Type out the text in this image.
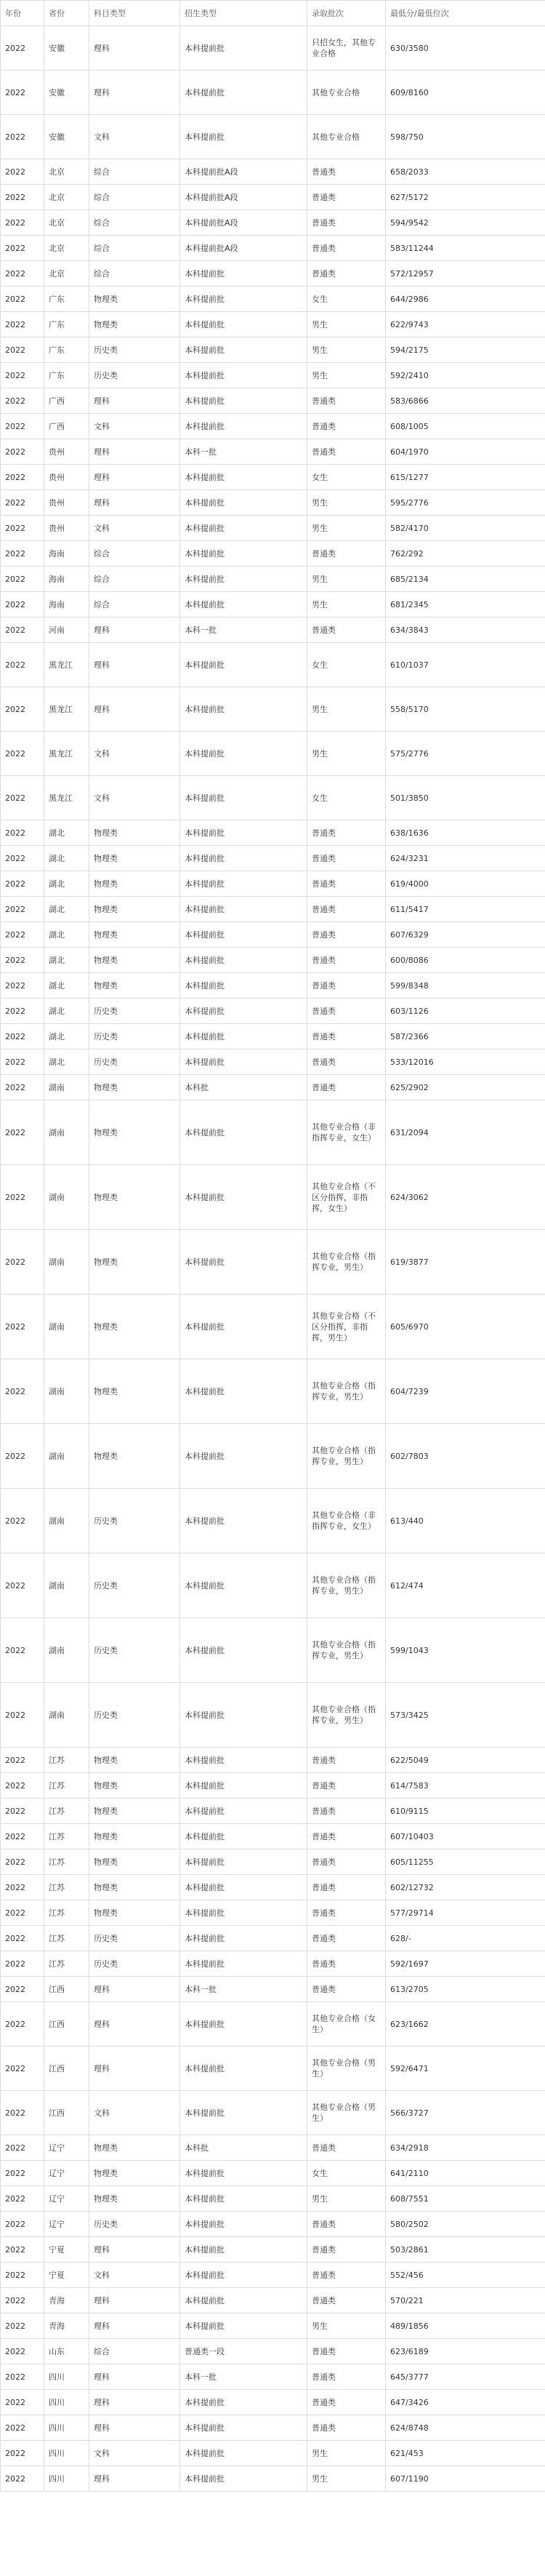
年份	省份	科目类型	招生类型	录取批次	最低分/最低位次
2022	安徽	理科	本科提前批	只招女生，其他专业合格	630/3580
2022	安徽	理科	本科提前批	其他专业合格	609/8160
2022	安徽	文科	本科提前批	其他专业合格	598/750
2022	北京	综合	本科提前批A段	普通类	658/2033
2022	北京	综合	本科提前批A段	普通类	627/5172
2022	北京	综合	本科提前批A段	普通类	594/9542
2022	北京	综合	本科提前批A段	普通类	583/11244
2022	北京	综合	本科提前批	普通类	572/12957
2022	广东	物理类	本科提前批	女生	644/2986
2022	广东	物理类	本科提前批	男生	622/9743
2022	广东	历史类	本科提前批	男生	594/2175
2022	广东	历史类	本科提前批	男生	592/2410
2022	广西	理科	本科提前批	普通类	583/6866
2022	广西	文科	本科提前批	普通类	608/1005
2022	贵州	理科	本科一批	普通类	604/1970
2022	贵州	理科	本科提前批	女生	615/1277
2022	贵州	理科	本科提前批	男生	595/2776
2022	贵州	文科	本科提前批	男生	582/4170
2022	海南	综合	本科提前批	普通类	762/292
2022	海南	综合	本科提前批	男生	685/2134
2022	海南	综合	本科提前批	男生	681/2345
2022	河南	理科	本科一批	普通类	634/3843
2022	黑龙江	理科	本科提前批	女生	610/1037
2022	黑龙江	理科	本科提前批	男生	558/5170
2022	黑龙江	文科	本科提前批	男生	575/2776
2022	黑龙江	文科	本科提前批	女生	501/3850
2022	湖北	物理类	本科提前批	普通类	638/1636
2022	湖北	物理类	本科提前批	普通类	624/3231
2022	湖北	物理类	本科提前批	普通类	619/4000
2022	湖北	物理类	本科提前批	普通类	611/5417
2022	湖北	物理类	本科提前批	普通类	607/6329
2022	湖北	物理类	本科提前批	普通类	600/8086
2022	湖北	物理类	本科提前批	普通类	599/8348
2022	湖北	历史类	本科提前批	普通类	603/1126
2022	湖北	历史类	本科提前批	普通类	587/2366
2022	湖北	历史类	本科提前批	普通类	533/12016
2022	湖南	物理类	本科批	普通类	625/2902
2022	湖南	物理类	本科提前批	其他专业合格（非指挥专业，女生）	631/2094
2022	湖南	物理类	本科提前批	其他专业合格（不区分指挥，非指挥，女生）	624/3062
2022	湖南	物理类	本科提前批	其他专业合格（指挥专业，男生）	619/3877
2022	湖南	物理类	本科提前批	其他专业合格（不区分指挥，非指挥，男生）	605/6970
2022	湖南	物理类	本科提前批	其他专业合格（指挥专业，男生）	604/7239
2022	湖南	物理类	本科提前批	其他专业合格（指挥专业，男生）	602/7803
2022	湖南	历史类	本科提前批	其他专业合格（非指挥专业，女生）	613/440
2022	湖南	历史类	本科提前批	其他专业合格（指挥专业，男生）	612/474
2022	湖南	历史类	本科提前批	其他专业合格（指挥专业，男生）	599/1043
2022	湖南	历史类	本科提前批	其他专业合格（指挥专业，男生）	573/3425
2022	江苏	物理类	本科提前批	普通类	622/5049
2022	江苏	物理类	本科提前批	普通类	614/7583
2022	江苏	物理类	本科提前批	普通类	610/9115
2022	江苏	物理类	本科提前批	普通类	607/10403
2022	江苏	物理类	本科提前批	普通类	605/11255
2022	江苏	物理类	本科提前批	普通类	602/12732
2022	江苏	物理类	本科提前批	普通类	577/29714
2022	江苏	历史类	本科提前批	普通类	628/-
2022	江苏	历史类	本科提前批	普通类	592/1697
2022	江西	理科	本科一批	普通类	613/2705
2022	江西	理科	本科提前批	其他专业合格（女生）	623/1662
2022	江西	理科	本科提前批	其他专业合格（男生）	592/6471
2022	江西	文科	本科提前批	其他专业合格（男生）	566/3727
2022	辽宁	物理类	本科批	普通类	634/2918
2022	辽宁	物理类	本科提前批	女生	641/2110
2022	辽宁	物理类	本科提前批	男生	608/7551
2022	辽宁	历史类	本科提前批	普通类	580/2502
2022	宁夏	理科	本科提前批	普通类	503/2861
2022	宁夏	文科	本科提前批	普通类	552/456
2022	青海	理科	本科提前批	普通类	570/221
2022	青海	理科	本科提前批	男生	489/1856
2022	山东	综合	普通类一段	普通类	623/6189
2022	四川	理科	本科一批	普通类	645/3777
2022	四川	理科	本科提前批	普通类	647/3426
2022	四川	理科	本科提前批	普通类	624/8748
2022	四川	文科	本科提前批	男生	621/453
2022	四川	理科	本科提前批	男生	607/1190
